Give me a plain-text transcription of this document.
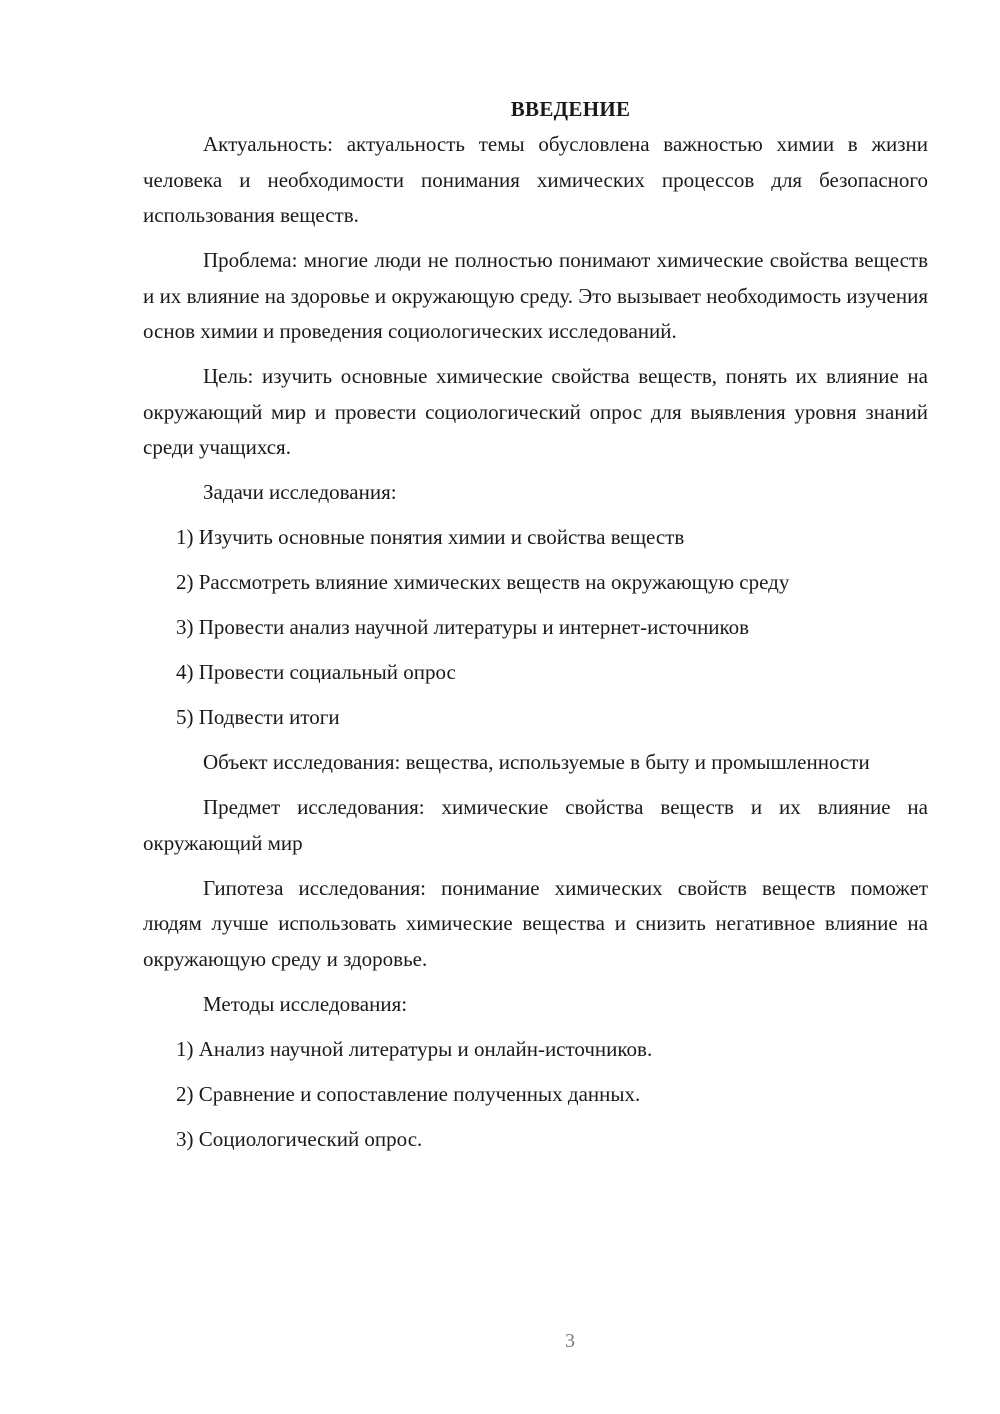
ВВЕДЕНИЕ

Актуальность: актуальность темы обусловлена важностью химии в жизни человека и необходимости понимания химических процессов для безопасного использования веществ.

Проблема: многие люди не полностью понимают химические свойства веществ и их влияние на здоровье и окружающую среду. Это вызывает необходимость изучения основ химии и проведения социологических исследований.

Цель: изучить основные химические свойства веществ, понять их влияние на окружающий мир и провести социологический опрос для выявления уровня знаний среди учащихся.

Задачи исследования:

1) Изучить основные понятия химии и свойства веществ
2) Рассмотреть влияние химических веществ на окружающую среду
3) Провести анализ научной литературы и интернет-источников
4) Провести социальный опрос
5) Подвести итоги

Объект исследования: вещества, используемые в быту и промышленности

Предмет исследования: химические свойства веществ и их влияние на окружающий мир

Гипотеза исследования: понимание химических свойств веществ поможет людям лучше использовать химические вещества и снизить негативное влияние на окружающую среду и здоровье.

Методы исследования:

1) Анализ научной литературы и онлайн-источников.
2) Сравнение и сопоставление полученных данных.
3) Социологический опрос.
3
